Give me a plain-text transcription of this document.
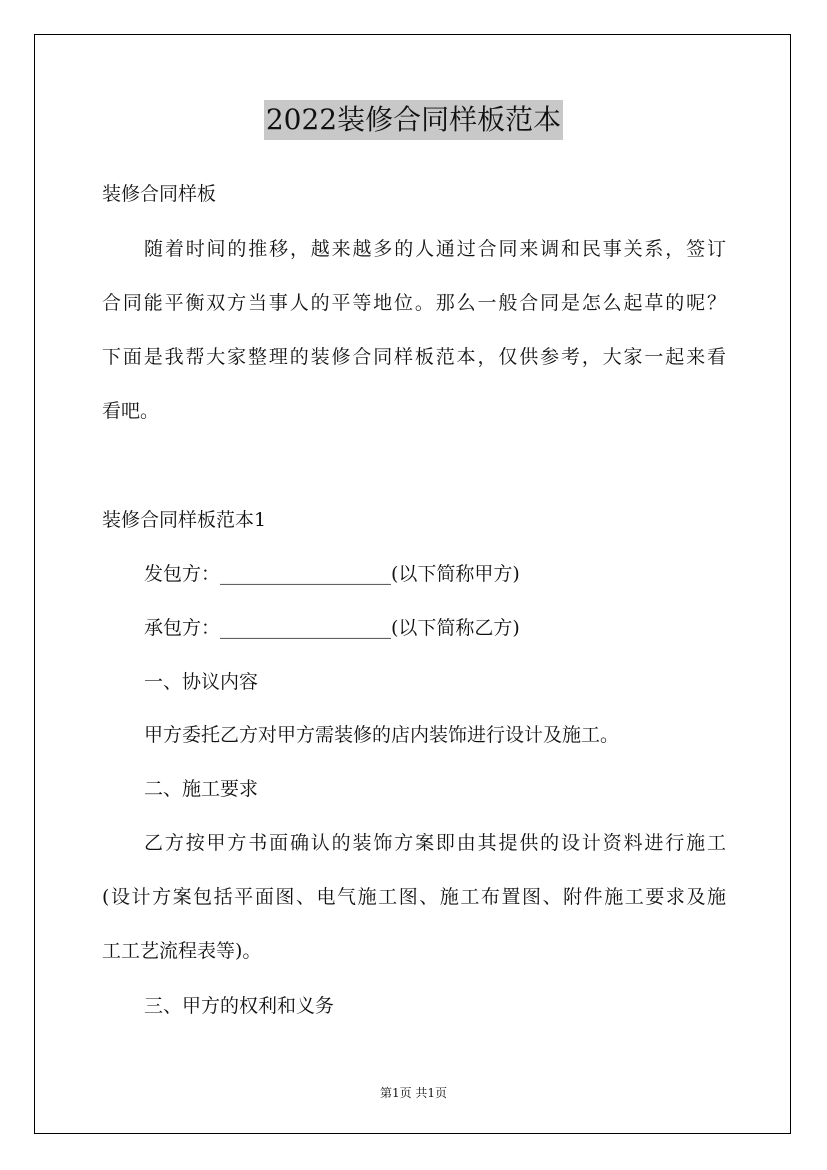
2022装修合同样板范本
装修合同样板
随着时间的推移，越来越多的人通过合同来调和民事关系，签订
合同能平衡双方当事人的平等地位。那么一般合同是怎么起草的呢？
下面是我帮大家整理的装修合同样板范本，仅供参考，大家一起来看
看吧。
装修合同样板范本1
发包方：__________________(以下简称甲方)
承包方：__________________(以下简称乙方)
一、协议内容
甲方委托乙方对甲方需装修的店内装饰进行设计及施工。
二、施工要求
乙方按甲方书面确认的装饰方案即由其提供的设计资料进行施工
(设计方案包括平面图、电气施工图、施工布置图、附件施工要求及施
工工艺流程表等)。
三、甲方的权利和义务
第1页 共1页
